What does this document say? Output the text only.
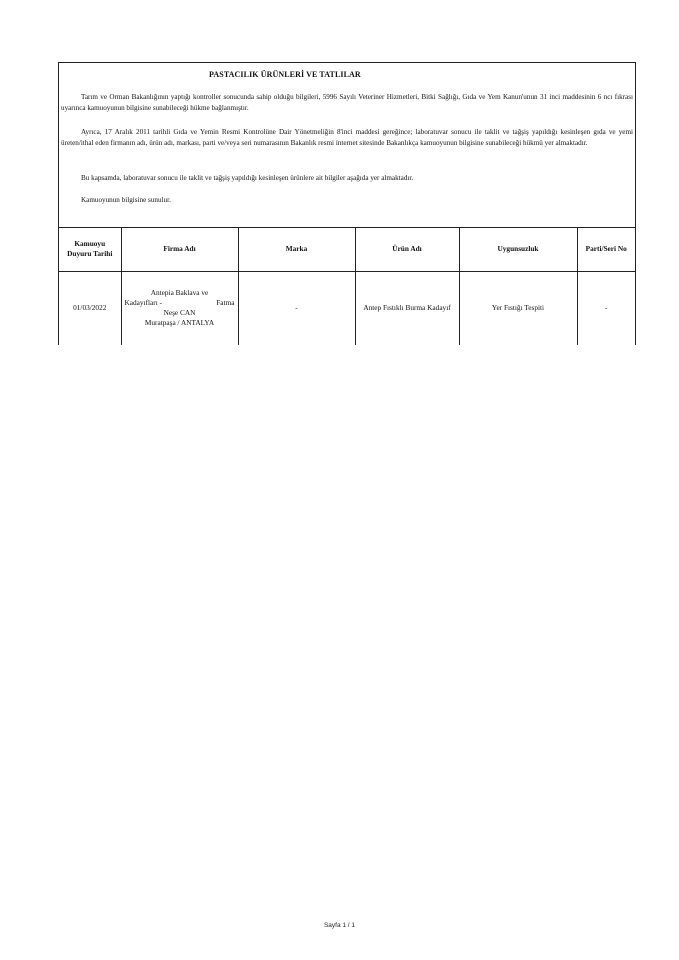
PASTACILIK ÜRÜNLERİ VE TATLILAR
Tarım ve Orman Bakanlığının yaptığı kontroller sonucunda sahip olduğu bilgileri, 5996 Sayılı Veteriner Hizmetleri, Bitki Sağlığı, Gıda ve Yem Kanun'unun 31 inci maddesinin 6 ncı fıkrası uyarınca kamuoyunun bilgisine sunabileceği hükme bağlanmıştır.
Ayrıca, 17 Aralık 2011 tarihli Gıda ve Yemin Resmi Kontrolüne Dair Yönetmeliğin 8'inci maddesi gereğince; laboratuvar sonucu ile taklit ve tağşiş yapıldığı kesinleşen gıda ve yemi üreten/ithal eden firmanın adı, ürün adı, markası, parti ve/veya seri numarasının Bakanlık resmi internet sitesinde Bakanlıkça kamuoyunun bilgisine sunabileceği hükmü yer almaktadır.
Bu kapsamda, laboratuvar sonucu ile taklit ve tağşiş yapıldığı kesinleşen ürünlere ait bilgiler aşağıda yer almaktadır.
Kamuoyunun bilgisine sunulur.
Kamuoyu Duyuru Tarihi	Firma Adı	Marka	Ürün Adı	Uygunsuzluk	Parti/Seri No
01/03/2022	Antepia Baklava ve
Kadayıfları - Fatma
Neşe CAN
Muratpaşa / ANTALYA	-	Antep Fıstıklı Burma Kadayıf	Yer Fıstığı Tespiti	-
Sayfa 1 / 1
